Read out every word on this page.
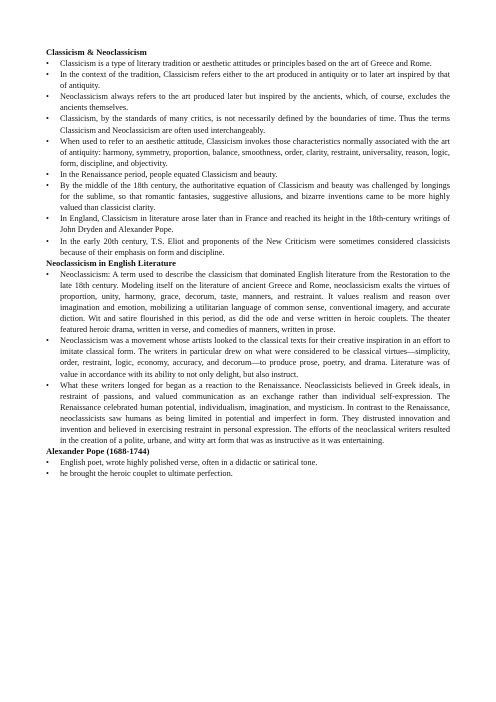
Classicism & Neoclassicism
• Classicism is a type of literary tradition or aesthetic attitudes or principles based on the art of Greece and Rome.
• In the context of the tradition, Classicism refers either to the art produced in antiquity or to later art inspired by that of antiquity.
• Neoclassicism always refers to the art produced later but inspired by the ancients, which, of course, excludes the ancients themselves.
• Classicism, by the standards of many critics, is not necessarily defined by the boundaries of time. Thus the terms Classicism and Neoclassicism are often used interchangeably.
• When used to refer to an aesthetic attitude, Classicism invokes those characteristics normally associated with the art of antiquity: harmony, symmetry, proportion, balance, smoothness, order, clarity, restraint, universality, reason, logic, form, discipline, and objectivity.
• In the Renaissance period, people equated Classicism and beauty.
• By the middle of the 18th century, the authoritative equation of Classicism and beauty was challenged by longings for the sublime, so that romantic fantasies, suggestive allusions, and bizarre inventions came to be more highly valued than classicist clarity.
• In England, Classicism in literature arose later than in France and reached its height in the 18th-century writings of John Dryden and Alexander Pope.
• In the early 20th century, T.S. Eliot and proponents of the New Criticism were sometimes considered classicists because of their emphasis on form and discipline.
Neoclassicism in English Literature
• Neoclassicism: A term used to describe the classicism that dominated English literature from the Restoration to the late 18th century. Modeling itself on the literature of ancient Greece and Rome, neoclassicism exalts the virtues of proportion, unity, harmony, grace, decorum, taste, manners, and restraint. It values realism and reason over imagination and emotion, mobilizing a utilitarian language of common sense, conventional imagery, and accurate diction. Wit and satire flourished in this period, as did the ode and verse written in heroic couplets. The theater featured heroic drama, written in verse, and comedies of manners, written in prose.
• Neoclassicism was a movement whose artists looked to the classical texts for their creative inspiration in an effort to imitate classical form. The writers in particular drew on what were considered to be classical virtues—simplicity, order, restraint, logic, economy, accuracy, and decorum—to produce prose, poetry, and drama. Literature was of value in accordance with its ability to not only delight, but also instruct.
• What these writers longed for began as a reaction to the Renaissance. Neoclassicists believed in Greek ideals, in restraint of passions, and valued communication as an exchange rather than individual self-expression. The Renaissance celebrated human potential, individualism, imagination, and mysticism. In contrast to the Renaissance, neoclassicists saw humans as being limited in potential and imperfect in form. They distrusted innovation and invention and believed in exercising restraint in personal expression. The efforts of the neoclassical writers resulted in the creation of a polite, urbane, and witty art form that was as instructive as it was entertaining.
Alexander Pope (1688-1744)
• English poet, wrote highly polished verse, often in a didactic or satirical tone.
• he brought the heroic couplet to ultimate perfection.
